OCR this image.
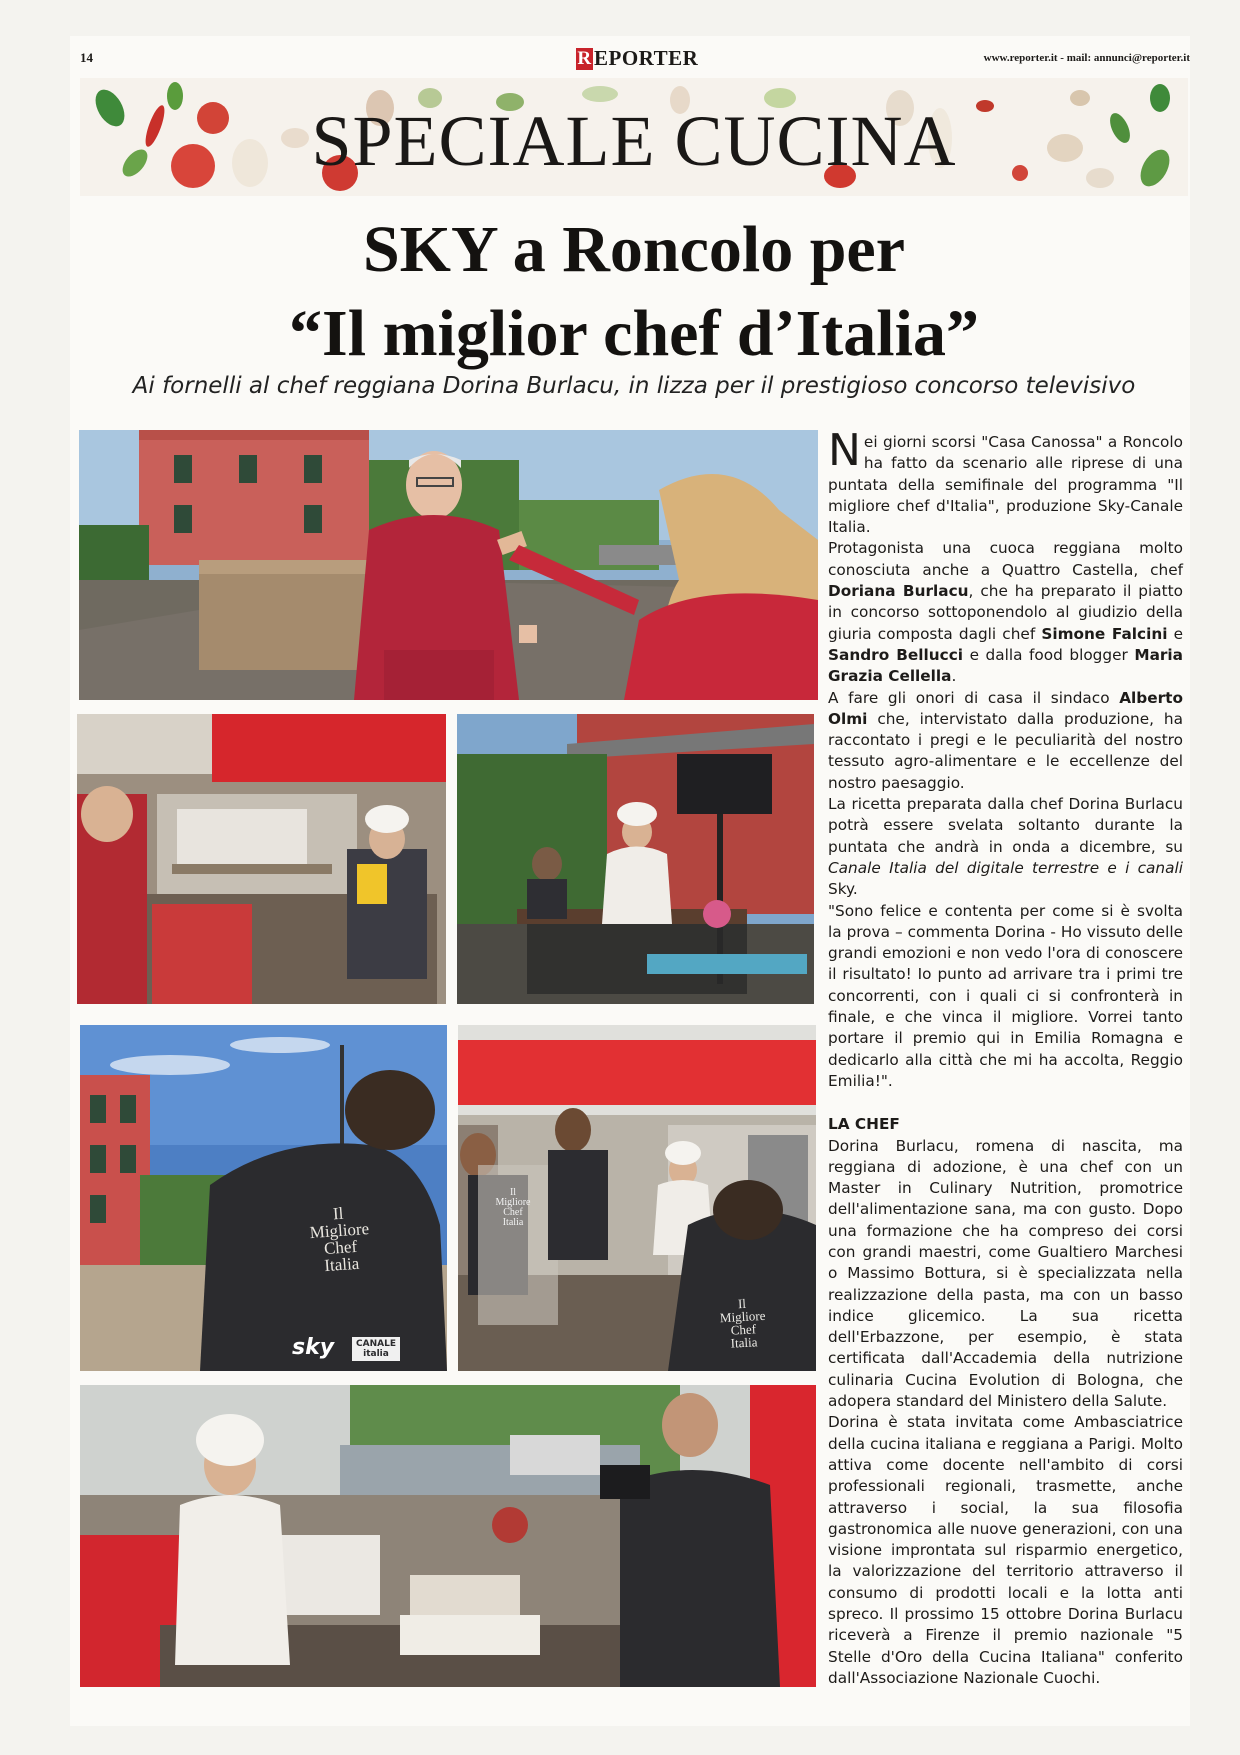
14	R EPORTER	www.reporter.it - mail: annunci@reporter.it
SPECIALE CUCINA
SKY a Roncolo per
“Il miglior chef d’Italia”
Ai fornelli al chef reggiana Dorina Burlacu, in lizza per il prestigioso concorso televisivo
Il
Migliore
Chef
Italia
sky	CANALE italia
Il
Migliore
Chef
Italia
Il
Migliore
Chef
Italia

Nei giorni scorsi "Casa Canossa" a Roncolo ha fatto da scenario alle riprese di una puntata della semifinale del programma "Il migliore chef d'Italia", produzione Sky-Canale Italia.

Protagonista una cuoca reggiana molto conosciuta anche a Quattro Castella, chef Doriana Burlacu, che ha preparato il piatto in concorso sottoponendolo al giudizio della giuria composta dagli chef Simone Falcini e Sandro Bellucci e dalla food blogger Maria Grazia Cellella.

A fare gli onori di casa il sindaco Alberto Olmi che, intervistato dalla produzione, ha raccontato i pregi e le peculiarità del nostro tessuto agro-alimentare e le eccellenze del nostro paesaggio.

La ricetta preparata dalla chef Dorina Burlacu potrà essere svelata soltanto durante la puntata che andrà in onda a dicembre, su Canale Italia del digitale terrestre e i canali Sky.

"Sono felice e contenta per come si è svolta la prova – commenta Dorina - Ho vissuto delle grandi emozioni e non vedo l'ora di conoscere il risultato! Io punto ad arrivare tra i primi tre concorrenti, con i quali ci si confronterà in finale, e che vinca il migliore. Vorrei tanto portare il premio qui in Emilia Romagna e dedicarlo alla città che mi ha accolta, Reggio Emilia!".

LA CHEF

Dorina Burlacu, romena di nascita, ma reggiana di adozione, è una chef con un Master in Culinary Nutrition, promotrice dell'alimentazione sana, ma con gusto. Dopo una formazione che ha compreso dei corsi con grandi maestri, come Gualtiero Marchesi o Massimo Bottura, si è specializzata nella realizzazione della pasta, ma con un basso indice glicemico. La sua ricetta dell'Erbazzone, per esempio, è stata certificata dall'Accademia della nutrizione culinaria Cucina Evolution di Bologna, che adopera standard del Ministero della Salute.

Dorina è stata invitata come Ambasciatrice della cucina italiana e reggiana a Parigi. Molto attiva come docente nell'ambito di corsi professionali regionali, trasmette, anche attraverso i social, la sua filosofia gastronomica alle nuove generazioni, con una visione improntata sul risparmio energetico, la valorizzazione del territorio attraverso il consumo di prodotti locali e la lotta anti spreco. Il prossimo 15 ottobre Dorina Burlacu riceverà a Firenze il premio nazionale "5 Stelle d'Oro della Cucina Italiana" conferito dall'Associazione Nazionale Cuochi.
